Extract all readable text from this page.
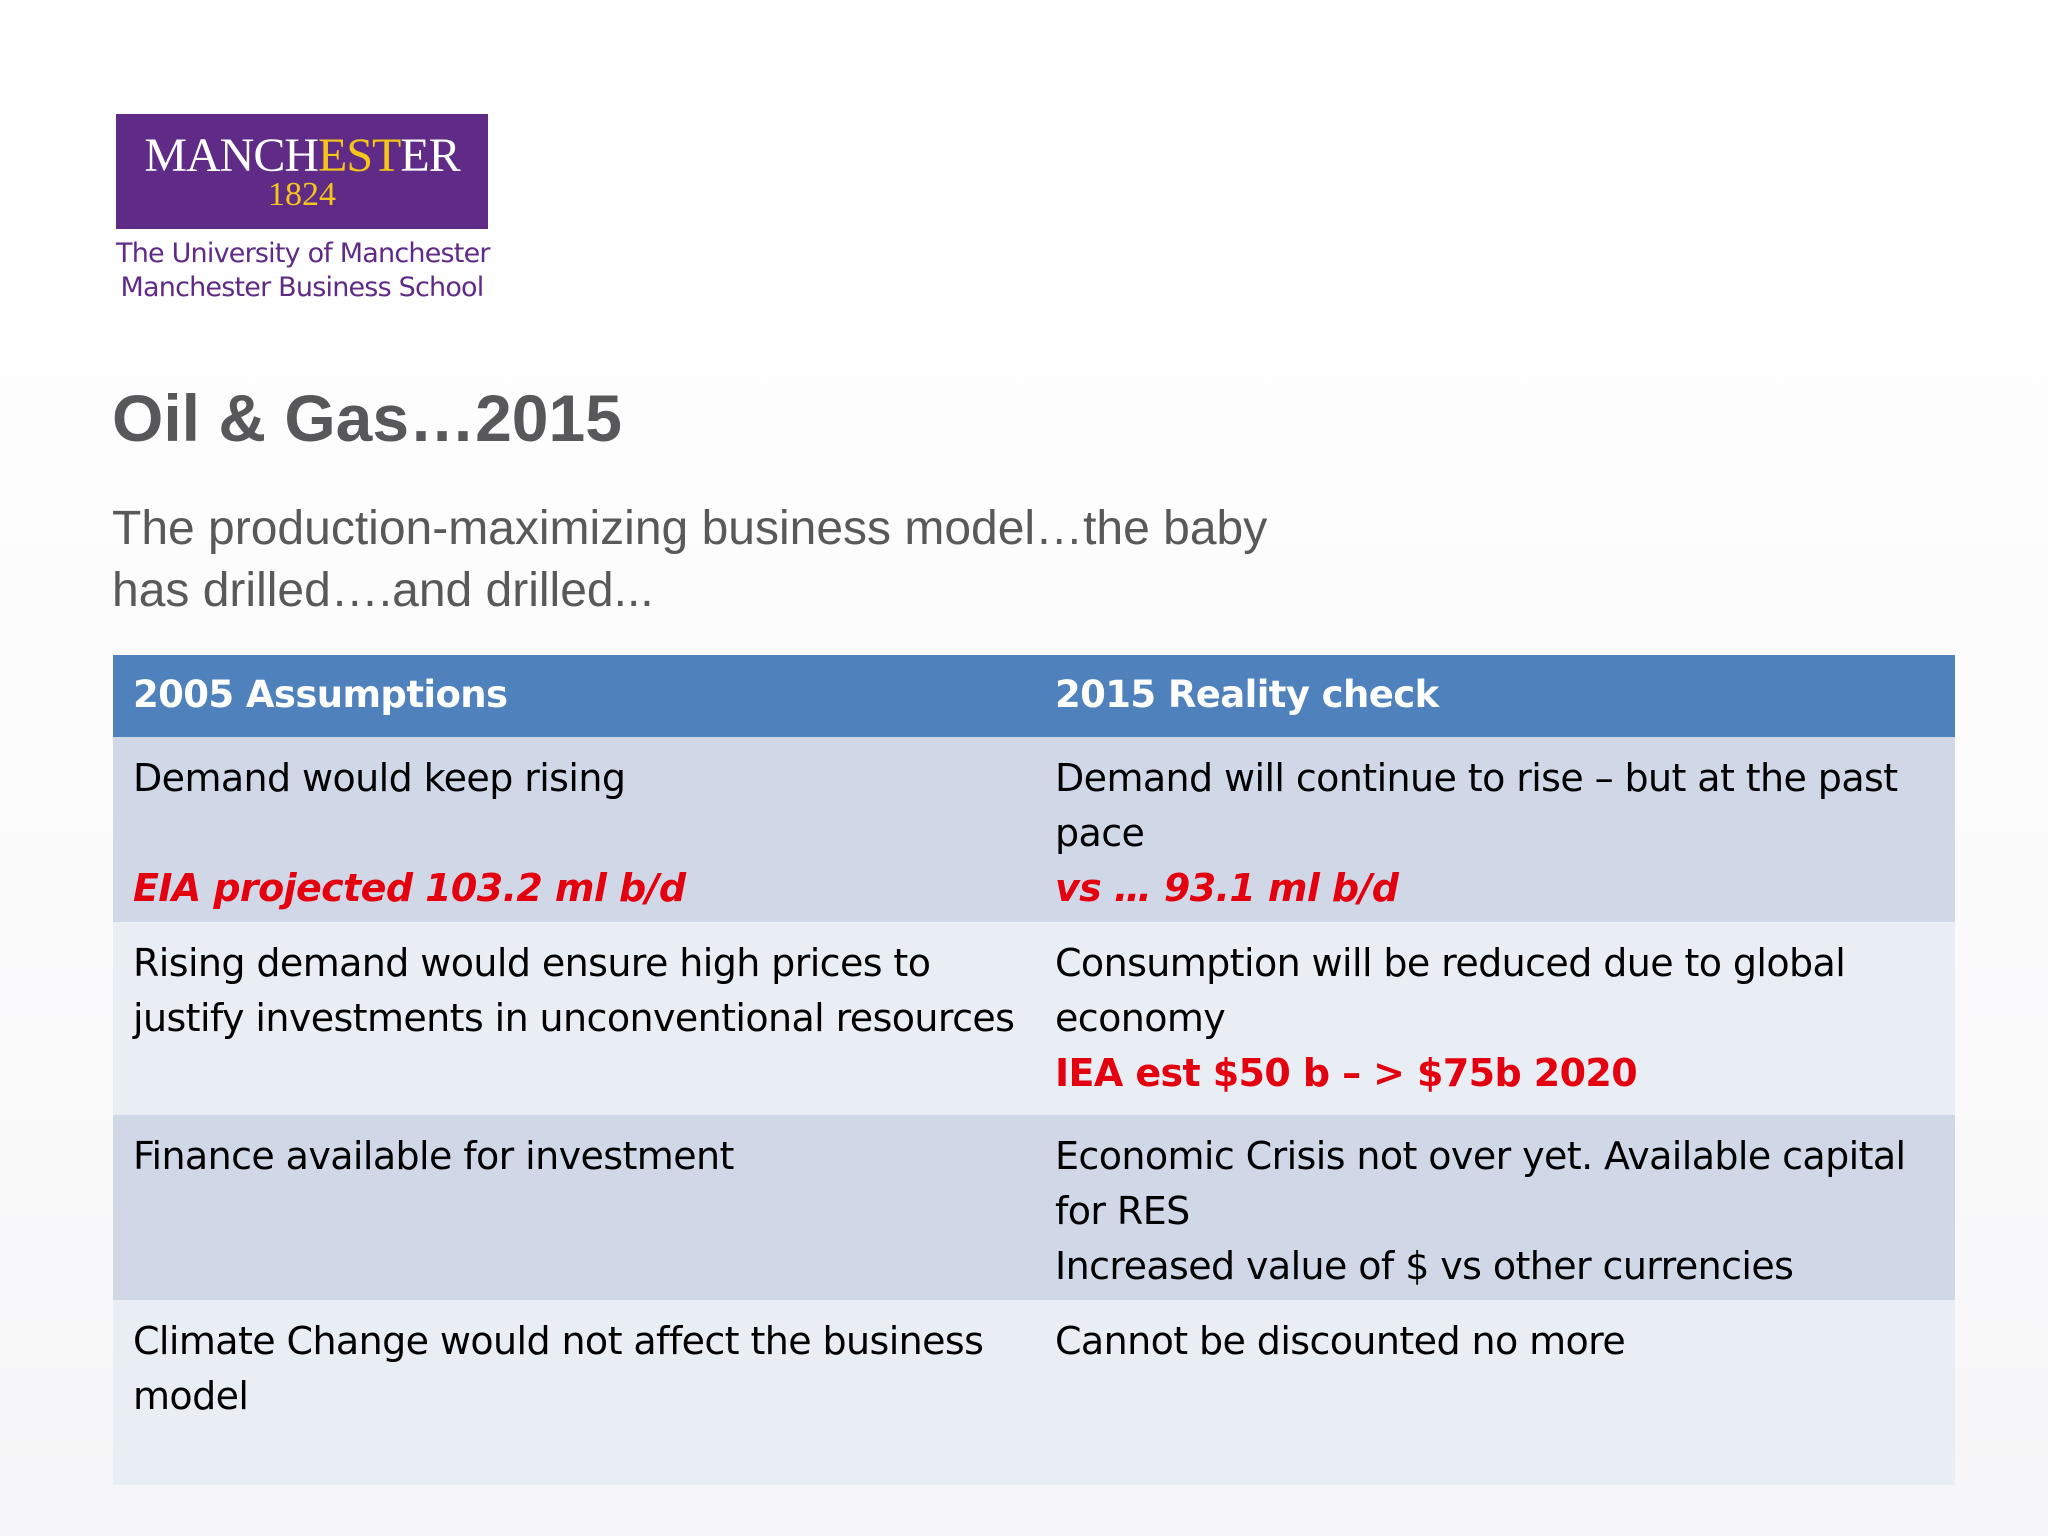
MANCHESTER
1824
The University of Manchester
Manchester Business School
Oil & Gas…2015
The production-maximizing business model…the baby has drilled….and drilled...
2005 Assumptions	2015 Reality check
Demand would keep rising
EIA projected 103.2 ml b/d
Demand will continue to rise – but at the past pace
vs … 93.1 ml b/d
Rising demand would ensure high prices to justify investments in unconventional resources
Consumption will be reduced due to global economy
IEA est $50 b – > $75b 2020
Finance available for investment	Economic Crisis not over yet. Available capital for RES
Increased value of $ vs other currencies
Climate Change would not affect the business model
Cannot be discounted no more
